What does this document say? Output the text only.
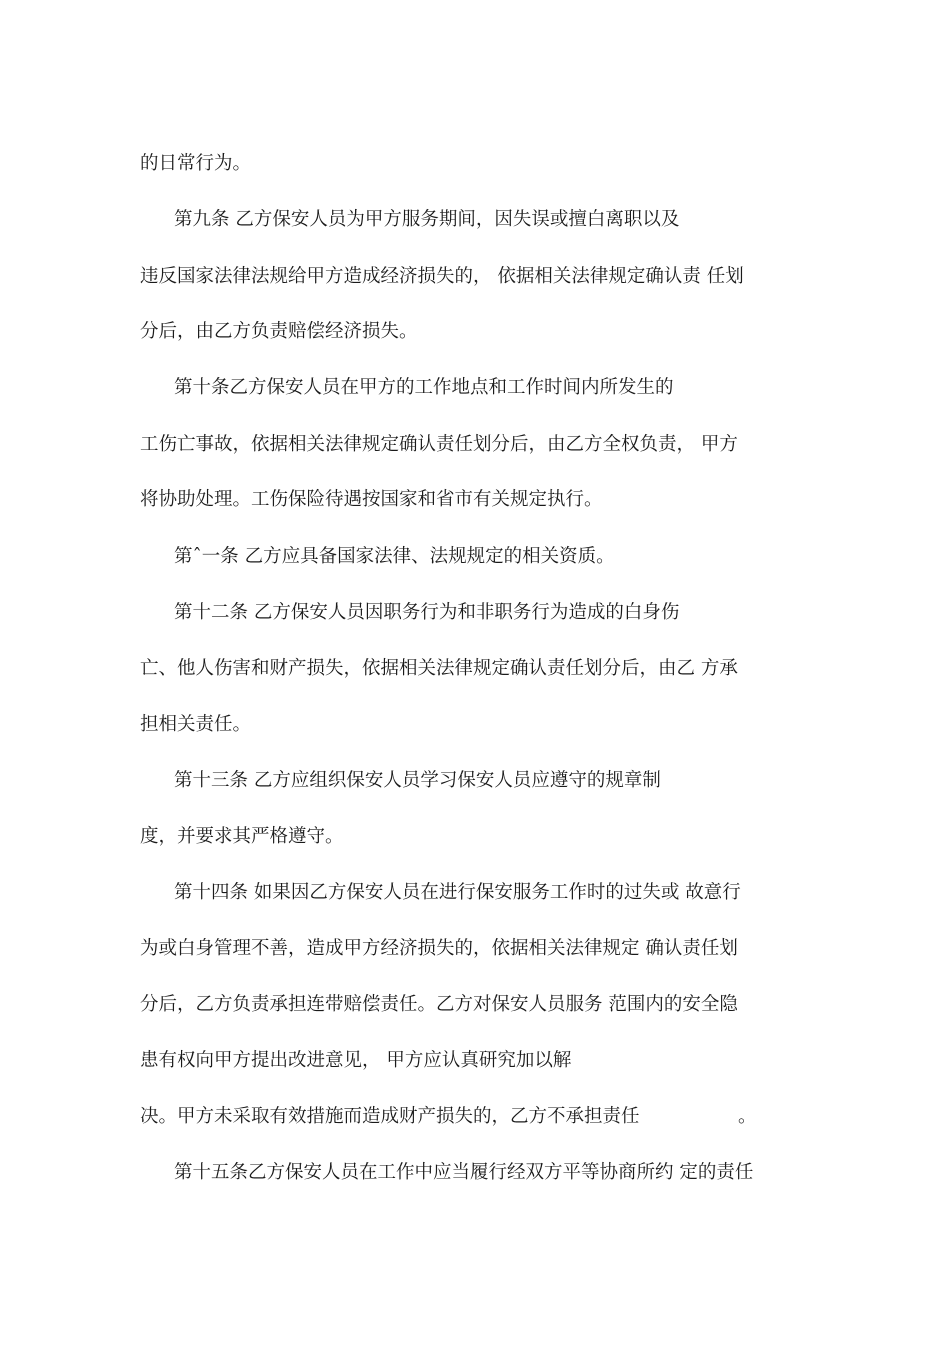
的日常行为。

第九条 乙方保安人员为甲方服务期间，因失误或擅白离职以及

违反国家法律法规给甲方造成经济损失的， 依据相关法律规定确认责 任划

分后，由乙方负责赔偿经济损失。

第十条乙方保安人员在甲方的工作地点和工作时间内所发生的

工伤亡事故，依据相关法律规定确认责任划分后，由乙方全权负责， 甲方

将协助处理。工伤保险待遇按国家和省市有关规定执行。

第ˆ一条 乙方应具备国家法律、法规规定的相关资质。

第十二条 乙方保安人员因职务行为和非职务行为造成的白身伤

亡、他人伤害和财产损失，依据相关法律规定确认责任划分后，由乙 方承

担相关责任。

第十三条 乙方应组织保安人员学习保安人员应遵守的规章制

度，并要求其严格遵守。

第十四条 如果因乙方保安人员在进行保安服务工作时的过失或 故意行

为或白身管理不善，造成甲方经济损失的，依据相关法律规定 确认责任划

分后，乙方负责承担连带赔偿责任。乙方对保安人员服务 范围内的安全隐

患有权向甲方提出改进意见， 甲方应认真研究加以解

决。甲方未采取有效措施而造成财产损失的，乙方不承担责任	。

第十五条乙方保安人员在工作中应当履行经双方平等协商所约 定的责任
